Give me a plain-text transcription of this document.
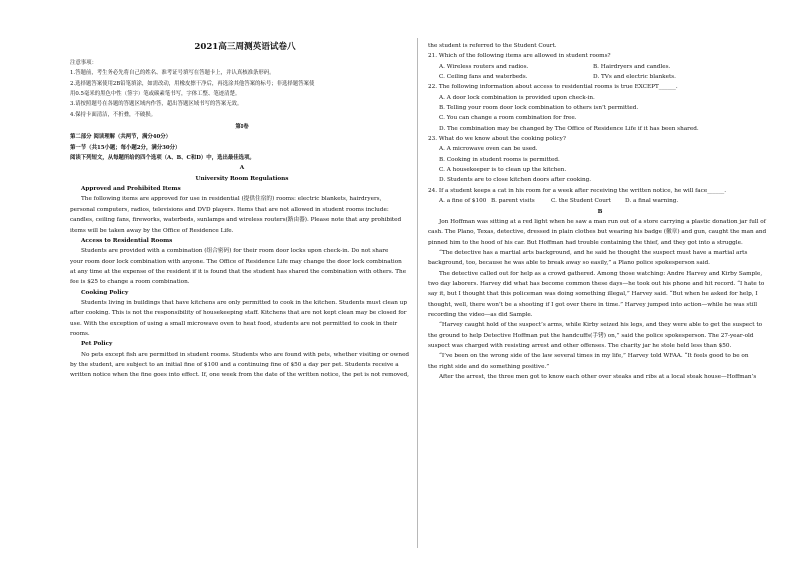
2021高三周测英语试卷八
注意事项：
1.答题前，考生务必先将自己的姓名、准考证号填写在答题卡上，并认真核准条形码。
2.选择题答案使用2B铅笔填涂，如需改动，用橡皮擦干净后，再选涂其他答案的标号；非选择题答案使
用0.5毫米的黑色中性（签字）笔或碳素笔书写，字体工整、笔迹清楚。
3.请按照题号在各题的答题区域内作答，超出答题区域书写的答案无效。
4.保持卡面清洁，不折叠，不破损。
第I卷
第二部分 阅读理解（共两节，满分40分）
第一节（共15小题；每小题2分，满分30分）
阅读下列短文，从每题所给的四个选项（A、B、C和D）中，选出最佳选项。
A
University Room Regulations
Approved and Prohibited Items
The following items are approved for use in residential (提供住宿的) rooms: electric blankets, hairdryers,
personal computers, radios, televisions and DVD players. Items that are not allowed in student rooms include:
candles, ceiling fans, fireworks, waterbeds, sunlamps and wireless routers(路由器). Please note that any prohibited
items will be taken away by the Office of Residence Life.
Access to Residential Rooms
Students are provided with a combination (组合密码) for their room door locks upon check-in. Do not share
your room door lock combination with anyone. The Office of Residence Life may change the door lock combination
at any time at the expense of the resident if it is found that the student has shared the combination with others. The
fee is $25 to change a room combination.
Cooking Policy
Students living in buildings that have kitchens are only permitted to cook in the kitchen. Students must clean up
after cooking. This is not the responsibility of housekeeping staff. Kitchens that are not kept clean may be closed for
use. With the exception of using a small microwave oven to heat food, students are not permitted to cook in their
rooms.
Pet Policy
No pets except fish are permitted in student rooms. Students who are found with pets, whether visiting or owned
by the student, are subject to an initial fine of $100 and a continuing fine of $50 a day per pet. Students receive a
written notice when the fine goes into effect. If, one week from the date of the written notice, the pet is not removed,
the student is referred to the Student Court.
21. Which of the following items are allowed in student rooms?
A. Wireless routers and radios.	B. Hairdryers and candles.
C. Ceiling fans and waterbeds.	D. TVs and electric blankets.
22. The following information about access to residential rooms is true EXCEPT______.
A. A door lock combination is provided upon check-in.
B. Telling your room door lock combination to others isn’t permitted.
C. You can change a room combination for free.
D. The combination may be changed by The Office of Residence Life if it has been shared.
23. What do we know about the cooking policy?
A. A microwave oven can be used.
B. Cooking in student rooms is permitted.
C. A housekeeper is to clean up the kitchen.
D. Students are to close kitchen doors after cooking.
24. If a student keeps a cat in his room for a week after receiving the written notice, he will face______.
A. a fine of $100 B. parent visits	C. the Student Court	D. a final warning.
B
Jon Hoffman was sitting at a red light when he saw a man run out of a store carrying a plastic donation jar full of
cash. The Plano, Texas, detective, dressed in plain clothes but wearing his badge (徽章) and gun, caught the man and
pinned him to the hood of his car. But Hoffman had trouble containing the thief, and they got into a struggle.
“The detective has a martial arts background, and he said he thought the suspect must have a martial arts
background, too, because he was able to break away so easily,” a Plano police spokesperson said.
The detective called out for help as a crowd gathered. Among those watching: Andre Harvey and Kirby Sample,
two day laborers. Harvey did what has become common these days—he took out his phone and hit record. “I hate to
say it, but I thought that this policeman was doing something illegal,” Harvey said. “But when he asked for help, I
thought, well, there won’t be a shooting if I got over there in time.” Harvey jumped into action—while he was still
recording the video—as did Sample.
“Harvey caught hold of the suspect’s arms, while Kirby seized his legs, and they were able to get the suspect to
the ground to help Detective Hoffman put the handcuffs(手铐) on,” said the police spokesperson. The 27-year-old
suspect was charged with resisting arrest and other offenses. The charity jar he stole held less than $50.
“I’ve been on the wrong side of the law several times in my life,” Harvey told WFAA. “It feels good to be on
the right side and do something positive.”
After the arrest, the three men got to know each other over steaks and ribs at a local steak house—Hoffman’s
